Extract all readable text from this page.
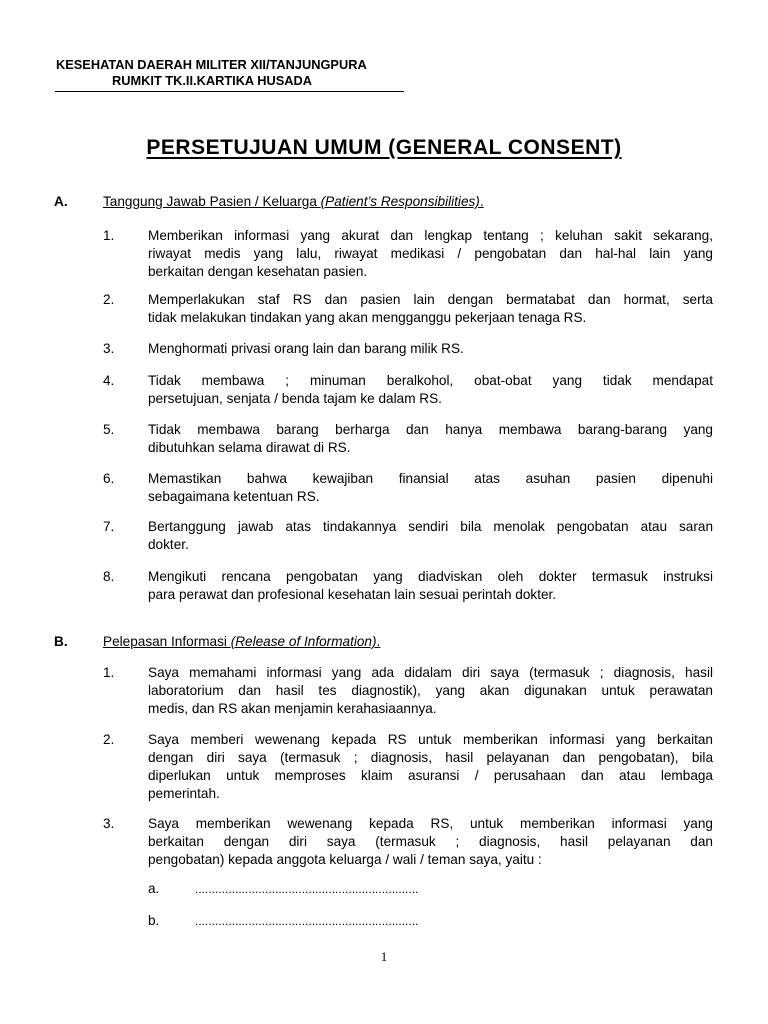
KESEHATAN DAERAH MILITER XII/TANJUNGPURA
RUMKIT TK.II.KARTIKA HUSADA
PERSETUJUAN UMUM (GENERAL CONSENT)
A.	Tanggung Jawab Pasien / Keluarga (Patient’s Responsibilities).
1. Memberikan informasi yang akurat dan lengkap tentang ; keluhan sakit sekarang,
riwayat medis yang lalu, riwayat medikasi / pengobatan dan hal-hal lain yang
berkaitan dengan kesehatan pasien.
2. Memperlakukan staf RS dan pasien lain dengan bermatabat dan hormat, serta
tidak melakukan tindakan yang akan mengganggu pekerjaan tenaga RS.
3. Menghormati privasi orang lain dan barang milik RS.
4. Tidak membawa ; minuman beralkohol, obat-obat yang tidak mendapat
persetujuan, senjata / benda tajam ke dalam RS.
5. Tidak membawa barang berharga dan hanya membawa barang-barang yang
dibutuhkan selama dirawat di RS.
6. Memastikan bahwa kewajiban finansial atas asuhan pasien dipenuhi
sebagaimana ketentuan RS.
7. Bertanggung jawab atas tindakannya sendiri bila menolak pengobatan atau saran
dokter.
8. Mengikuti rencana pengobatan yang diadviskan oleh dokter termasuk instruksi
para perawat dan profesional kesehatan lain sesuai perintah dokter.
B.	Pelepasan Informasi (Release of Information).
1. Saya memahami informasi yang ada didalam diri saya (termasuk ; diagnosis, hasil
laboratorium dan hasil tes diagnostik), yang akan digunakan untuk perawatan
medis, dan RS akan menjamin kerahasiaannya.
2. Saya memberi wewenang kepada RS untuk memberikan informasi yang berkaitan
dengan diri saya (termasuk ; diagnosis, hasil pelayanan dan pengobatan), bila
diperlukan untuk memproses klaim asuransi / perusahaan dan atau lembaga
pemerintah.
3. Saya memberikan wewenang kepada RS, untuk memberikan informasi yang
berkaitan dengan diri saya (termasuk ; diagnosis, hasil pelayanan dan
pengobatan) kepada anggota keluarga / wali / teman saya, yaitu :
a.	...................................................................
b.	...................................................................
1
